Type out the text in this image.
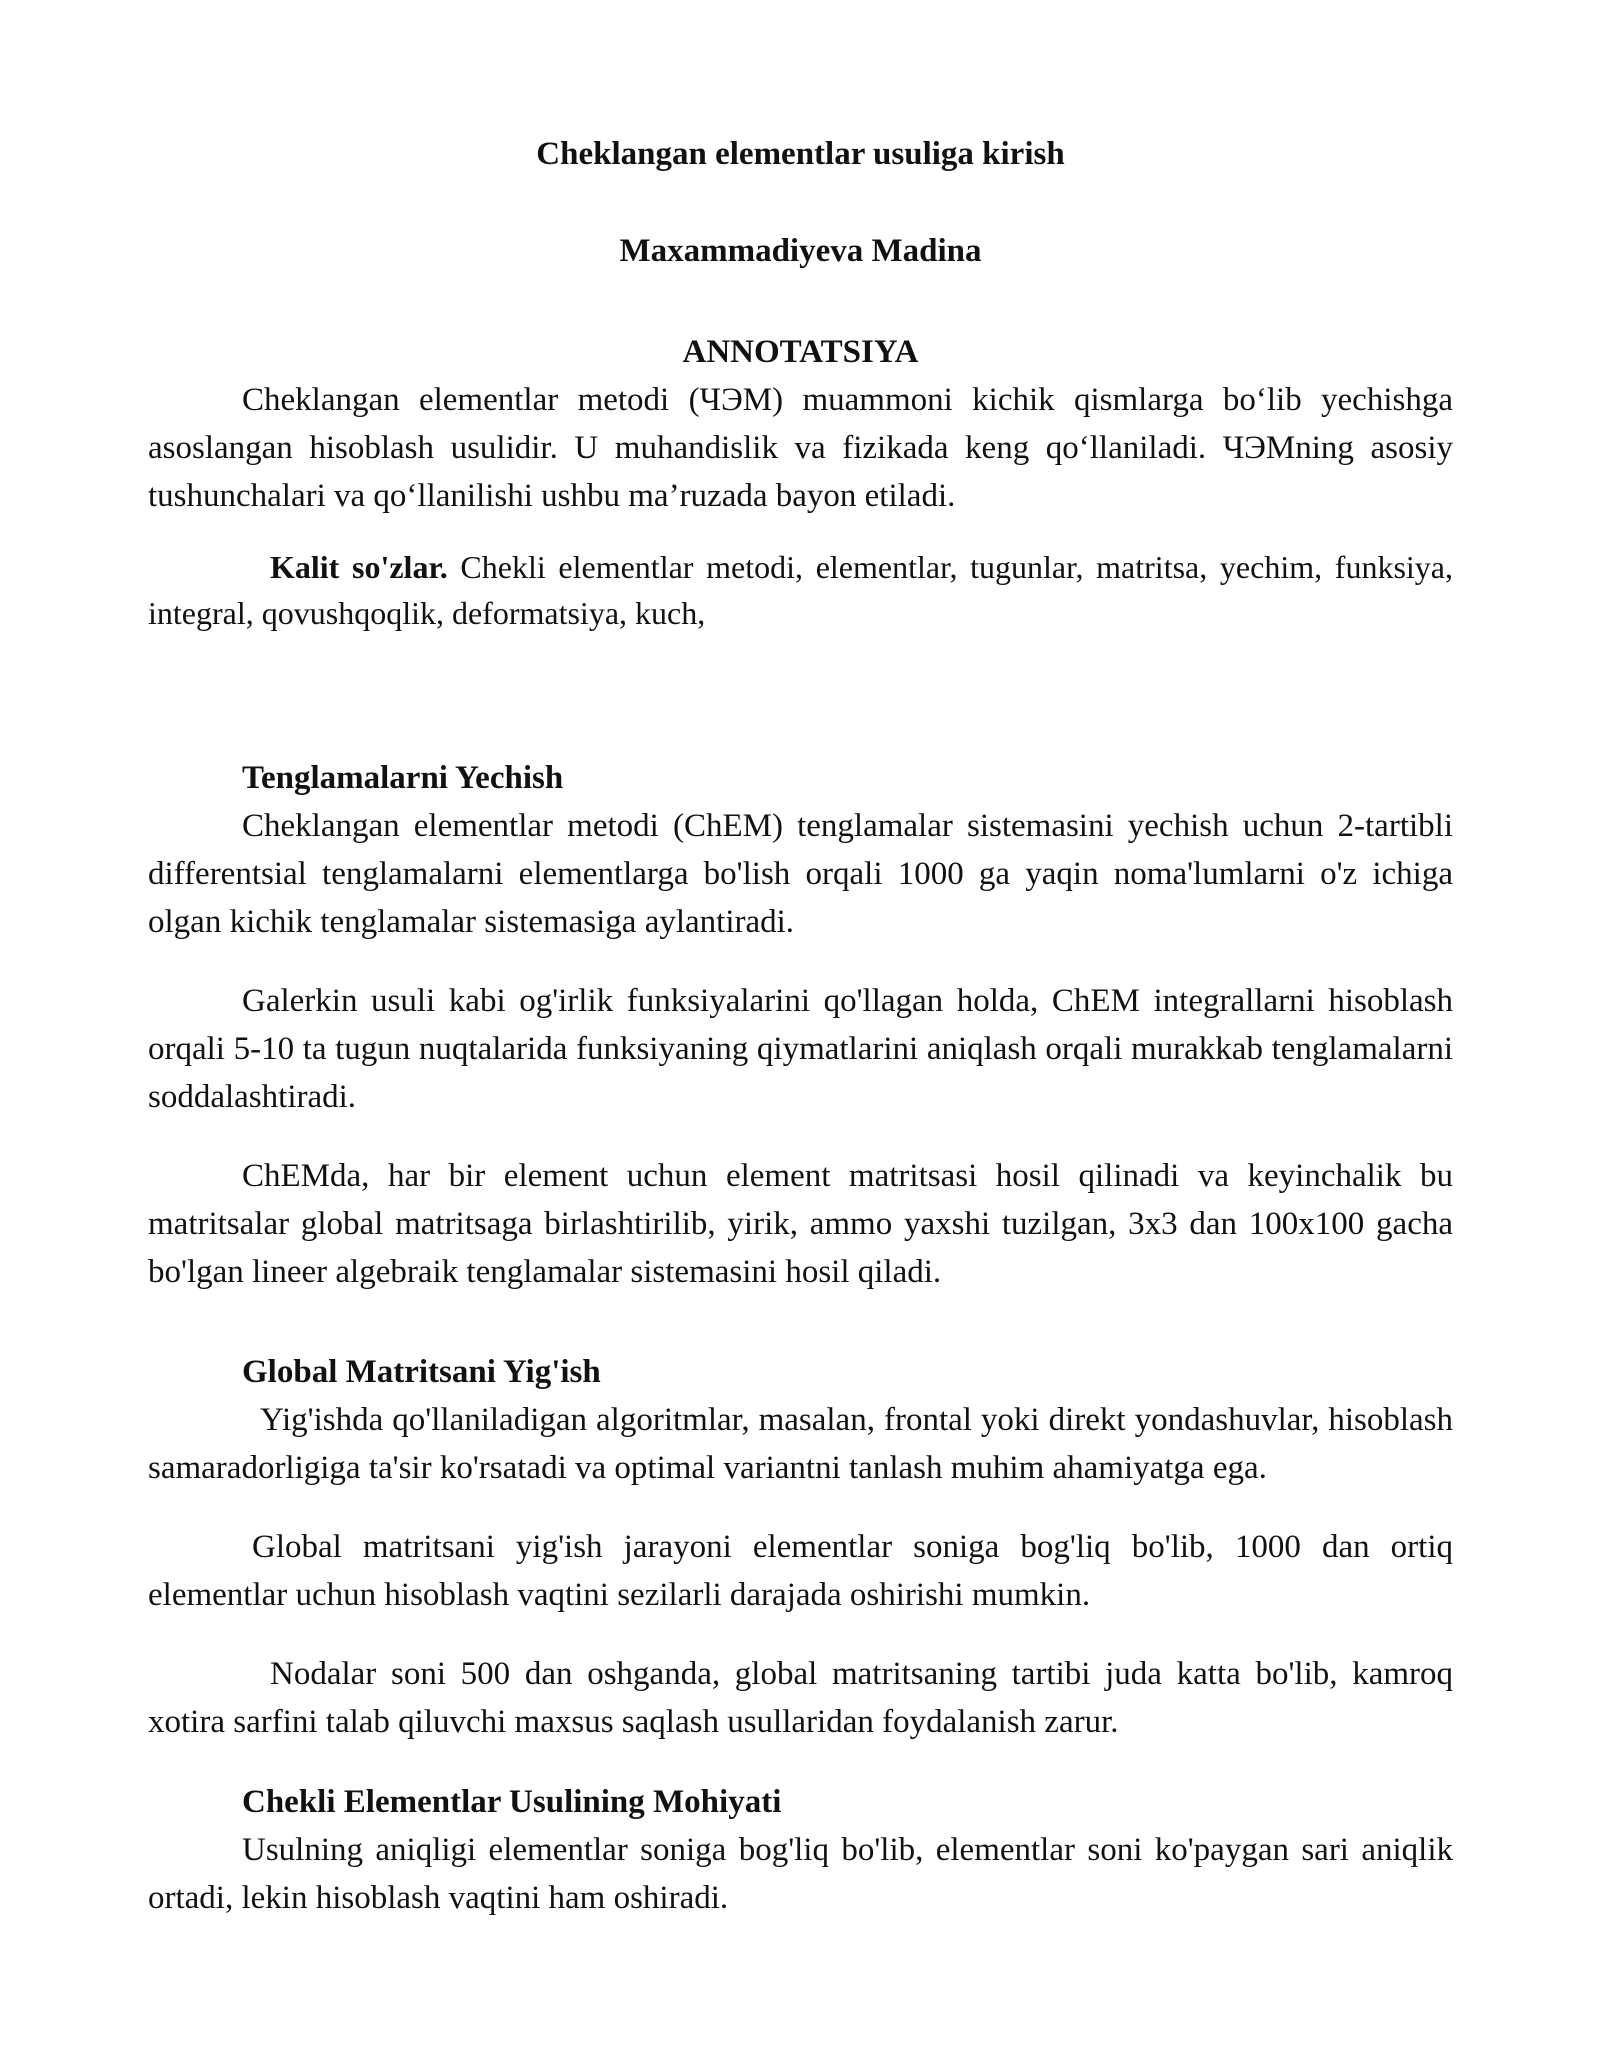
Cheklangan elementlar usuliga kirish

Maxammadiyeva Madina

ANNOTATSIYA

Cheklangan elementlar metodi (ЧЭМ) muammoni kichik qismlarga bo‘lib yechishga asoslangan hisoblash usulidir. U muhandislik va fizikada keng qo‘llaniladi. ЧЭМning asosiy tushunchalari va qo‘llanilishi ushbu ma’ruzada bayon etiladi.

Kalit so'zlar. Chekli elementlar metodi, elementlar, tugunlar, matritsa, yechim, funksiya, integral, qovushqoqlik, deformatsiya, kuch,

Tenglamalarni Yechish

Cheklangan elementlar metodi (ChEM) tenglamalar sistemasini yechish uchun 2-tartibli differentsial tenglamalarni elementlarga bo'lish orqali 1000 ga yaqin noma'lumlarni o'z ichiga olgan kichik tenglamalar sistemasiga aylantiradi.

Galerkin usuli kabi og'irlik funksiyalarini qo'llagan holda, ChEM integrallarni hisoblash orqali 5-10 ta tugun nuqtalarida funksiyaning qiymatlarini aniqlash orqali murakkab tenglamalarni soddalashtiradi.

ChEMda, har bir element uchun element matritsasi hosil qilinadi va keyinchalik bu matritsalar global matritsaga birlashtirilib, yirik, ammo yaxshi tuzilgan, 3x3 dan 100x100 gacha bo'lgan lineer algebraik tenglamalar sistemasini hosil qiladi.

Global Matritsani Yig'ish

Yig'ishda qo'llaniladigan algoritmlar, masalan, frontal yoki direkt yondashuvlar, hisoblash samaradorligiga ta'sir ko'rsatadi va optimal variantni tanlash muhim ahamiyatga ega.

Global matritsani yig'ish jarayoni elementlar soniga bog'liq bo'lib, 1000 dan ortiq elementlar uchun hisoblash vaqtini sezilarli darajada oshirishi mumkin.

Nodalar soni 500 dan oshganda, global matritsaning tartibi juda katta bo'lib, kamroq xotira sarfini talab qiluvchi maxsus saqlash usullaridan foydalanish zarur.

Chekli Elementlar Usulining Mohiyati

Usulning aniqligi elementlar soniga bog'liq bo'lib, elementlar soni ko'paygan sari aniqlik ortadi, lekin hisoblash vaqtini ham oshiradi.
